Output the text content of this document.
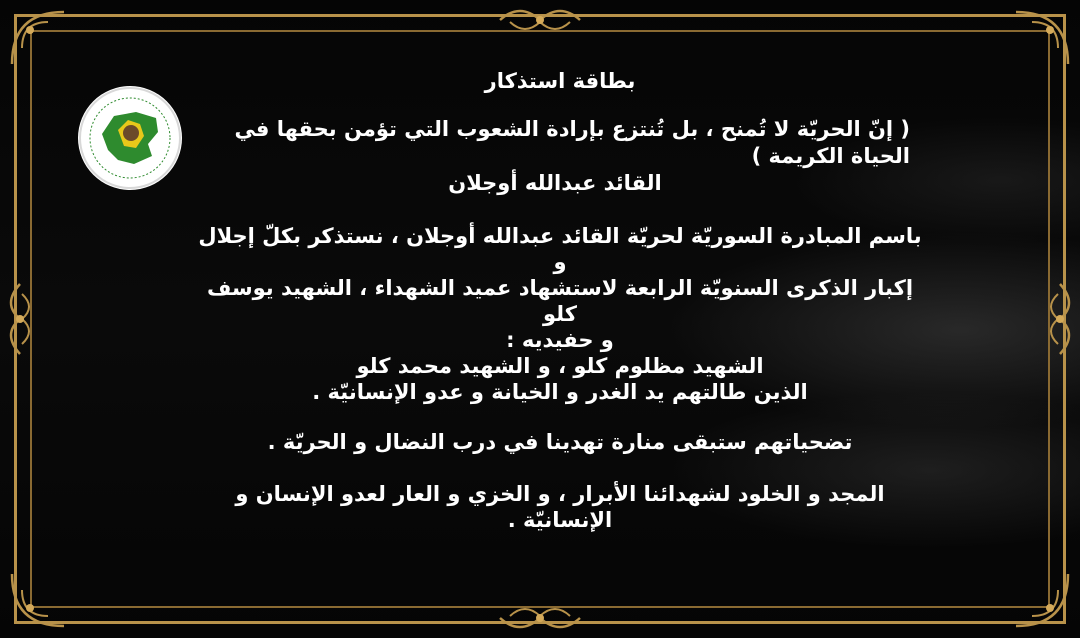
بطاقة استذكار
( إنّ الحريّة لا تُمنح ، بل تُنتزع بإرادة الشعوب التي تؤمن بحقها في الحياة الكريمة )
القائد عبدالله أوجلان
باسم المبادرة السوريّة لحريّة القائد عبدالله أوجلان ، نستذكر بكلّ إجلال و
إكبار الذكرى السنويّة الرابعة لاستشهاد عميد الشهداء ، الشهيد يوسف كلو
و حفيديه :
الشهيد مظلوم كلو ، و الشهيد محمد كلو
الذين طالتهم يد الغدر و الخيانة و عدو الإنسانيّة .
تضحياتهم ستبقى منارة تهدينا في درب النضال و الحريّة .
المجد و الخلود لشهدائنا الأبرار ، و الخزي و العار لعدو الإنسان و الإنسانيّة .
